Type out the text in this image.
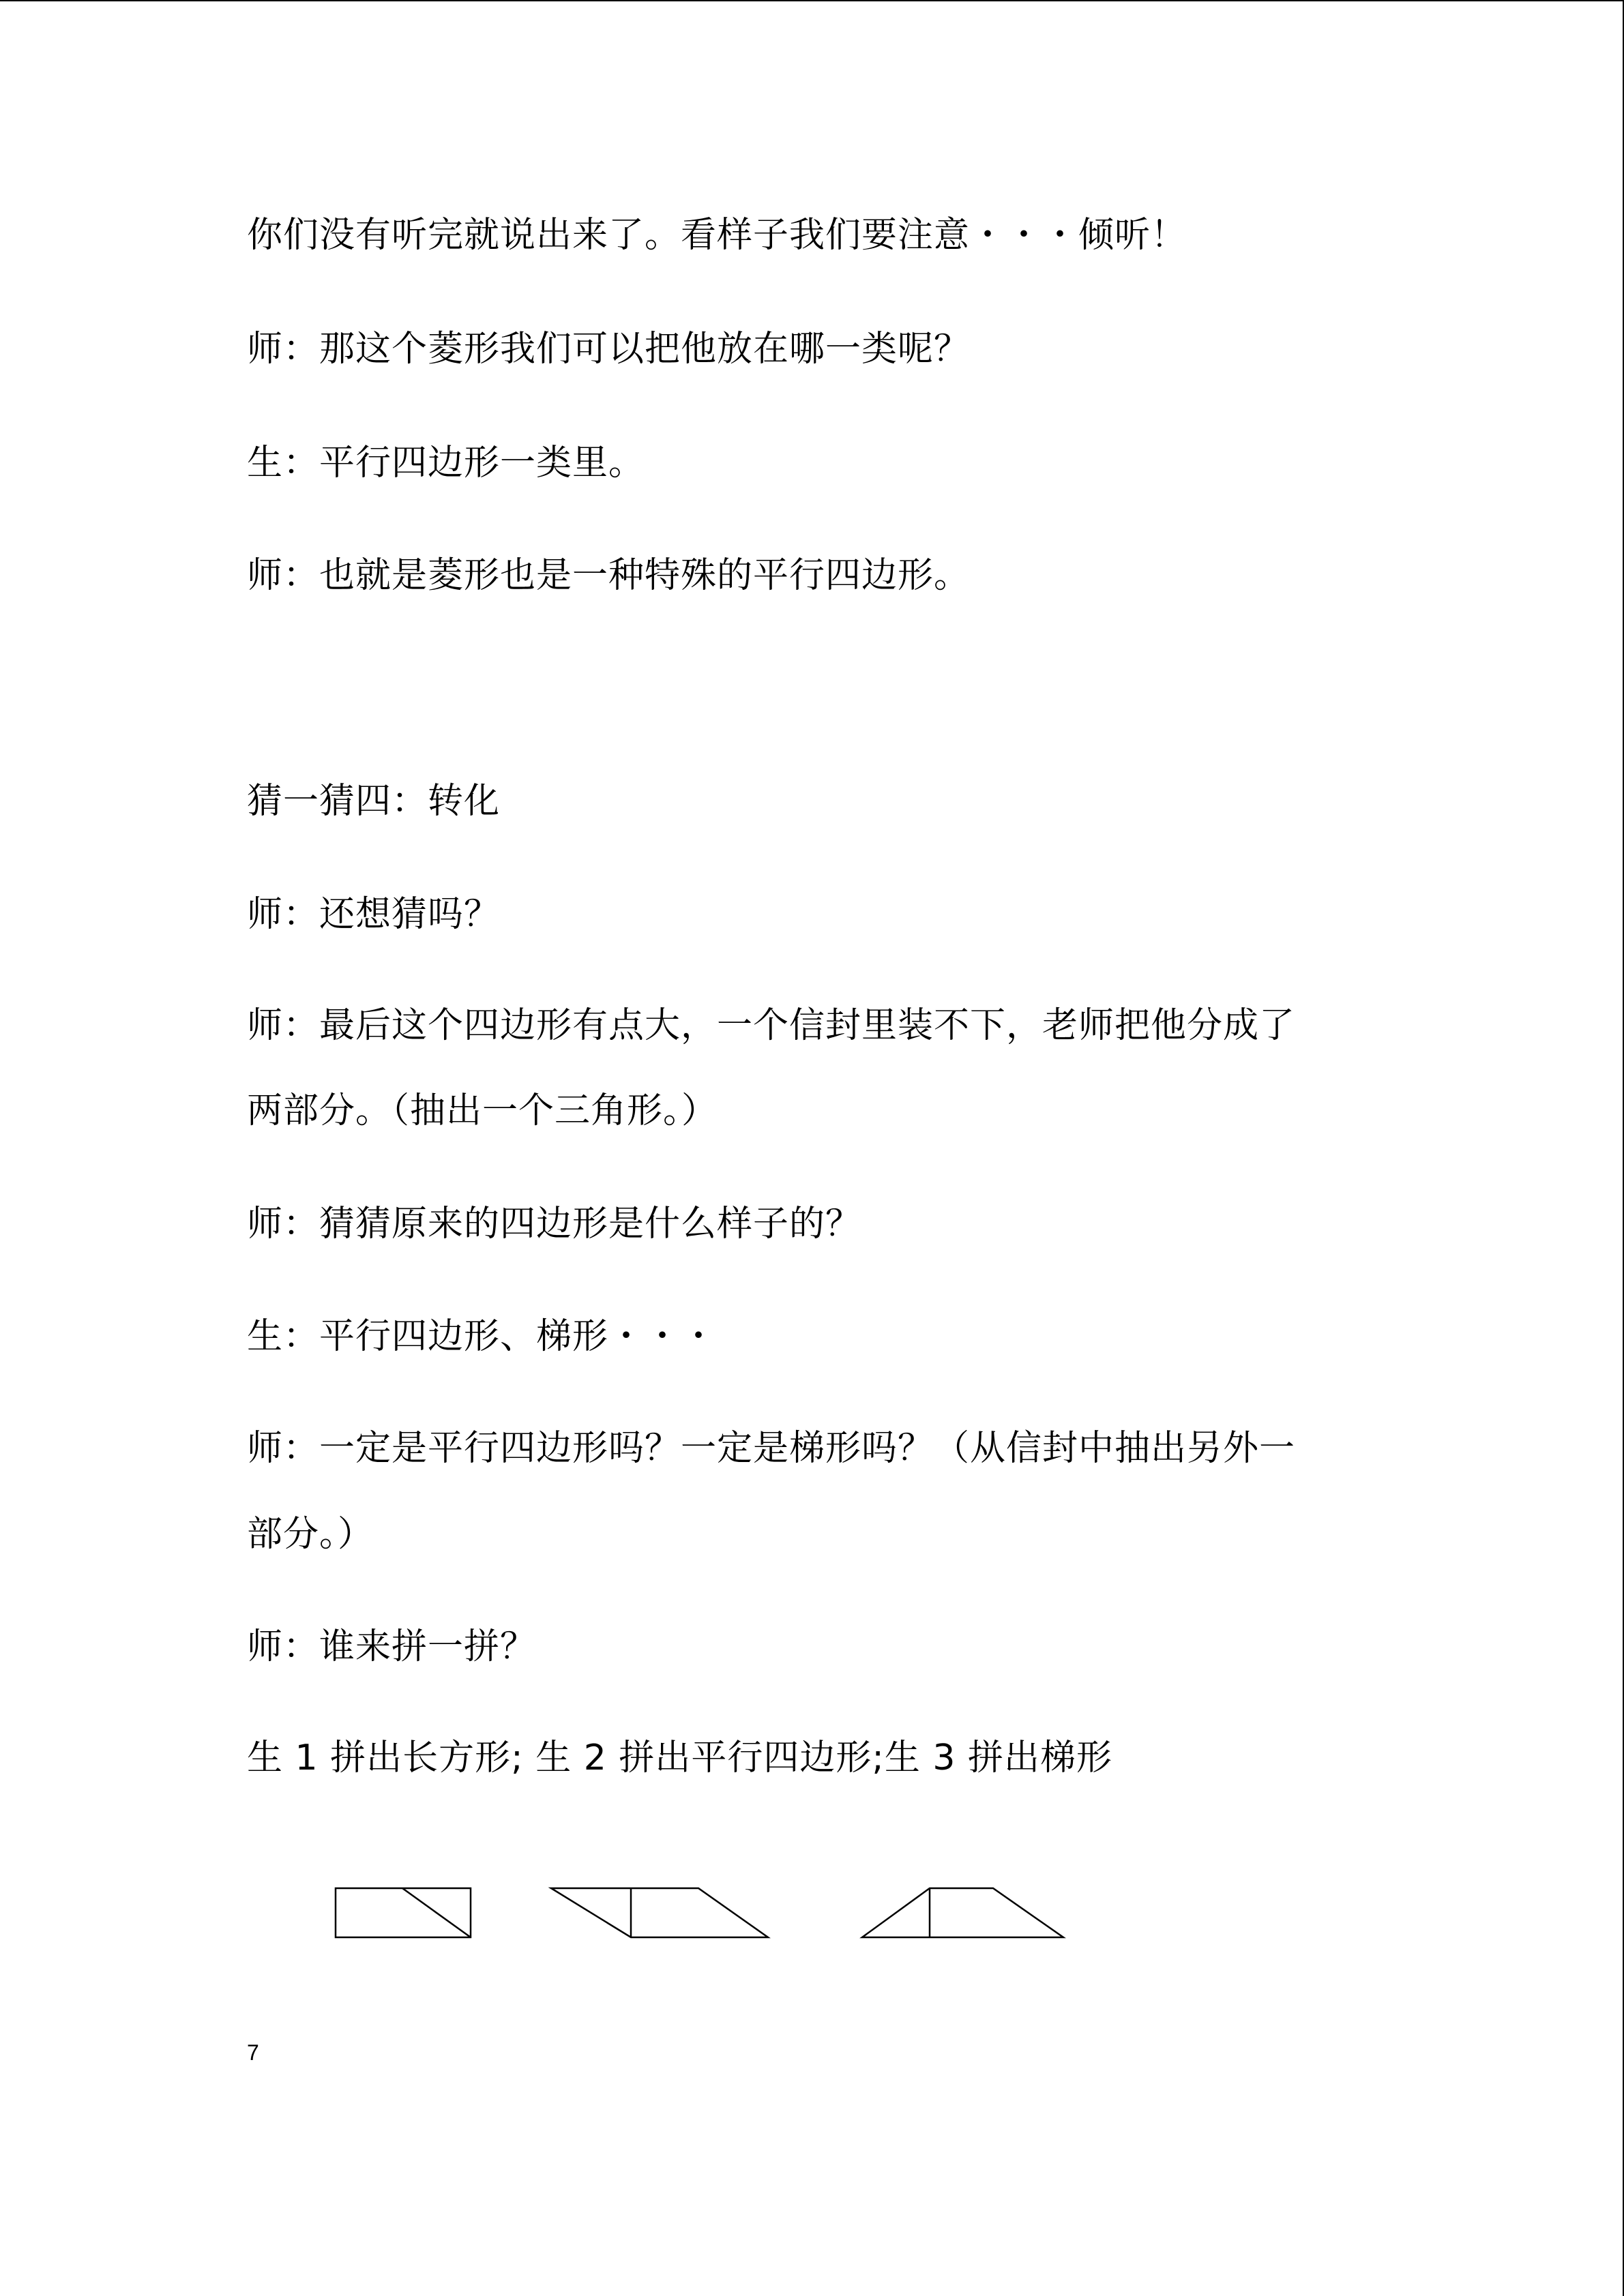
你们没有听完就说出来了。看样子我们要注意・・・倾听！
师：那这个菱形我们可以把他放在哪一类呢？
生：平行四边形一类里。
师：也就是菱形也是一种特殊的平行四边形。
猜一猜四：转化
师：还想猜吗？
师：最后这个四边形有点大，一个信封里装不下，老师把他分成了
两部分。（抽出一个三角形。）
师：猜猜原来的四边形是什么样子的？
生：平行四边形、梯形・・・
师：一定是平行四边形吗？一定是梯形吗？（从信封中抽出另外一
部分。）
师：谁来拼一拼？
生 1 拼出长方形; 生 2 拼出平行四边形;生 3 拼出梯形
7
